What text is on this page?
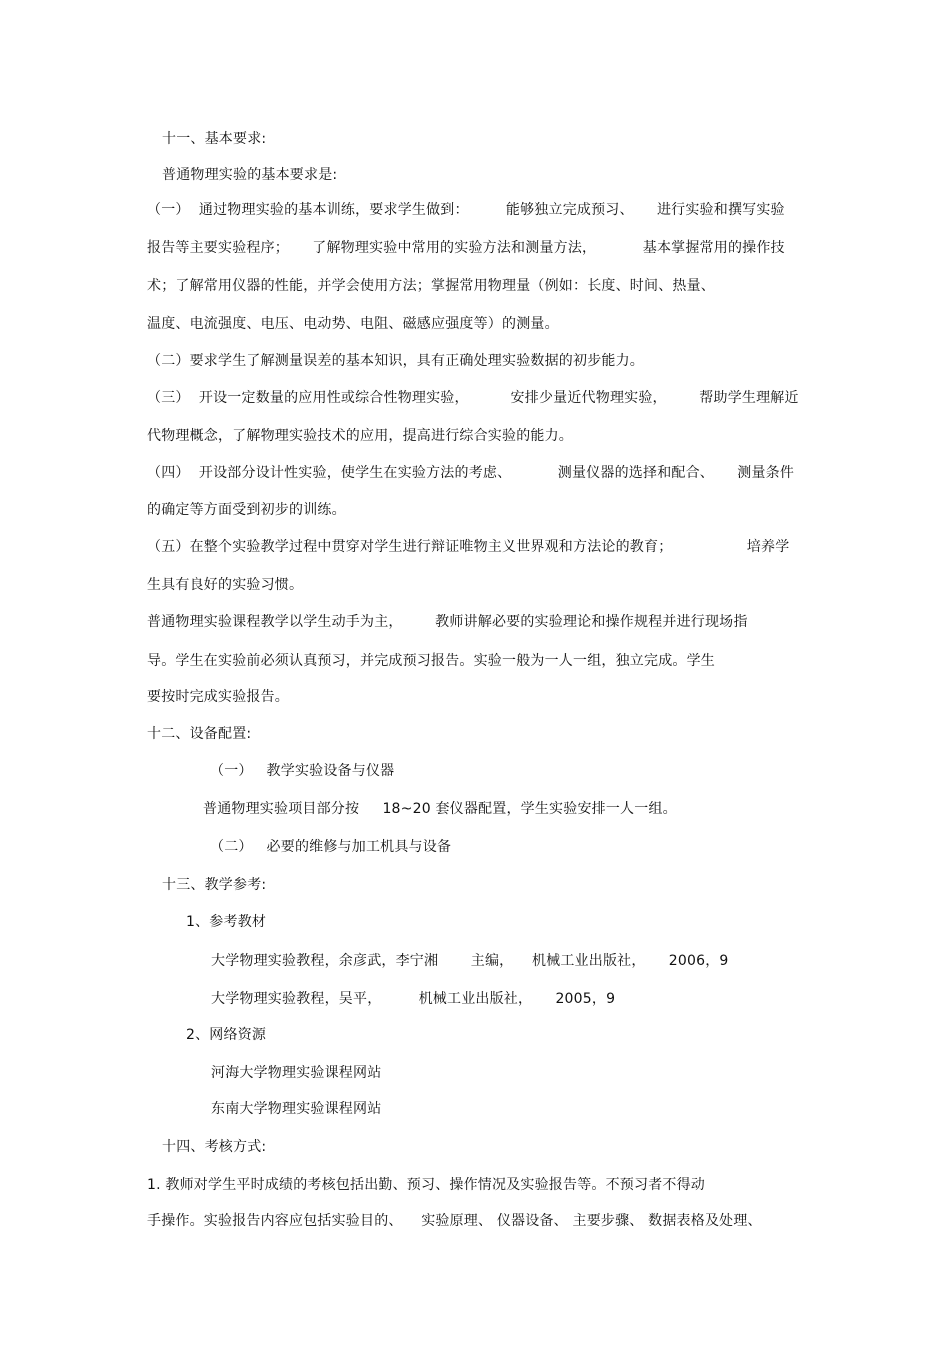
十一、基本要求:
普通物理实验的基本要求是:
（一）  通过物理实验的基本训练，要求学生做到：        能够独立完成预习、     进行实验和撰写实验
报告等主要实验程序；     了解物理实验中常用的实验方法和测量方法，          基本掌握常用的操作技
术；了解常用仪器的性能，并学会使用方法；掌握常用物理量（例如：长度、时间、热量、
温度、电流强度、电压、电动势、电阻、磁感应强度等）的测量。
（二）要求学生了解测量误差的基本知识，具有正确处理实验数据的初步能力。
（三）  开设一定数量的应用性或综合性物理实验，         安排少量近代物理实验，       帮助学生理解近
代物理概念，了解物理实验技术的应用，提高进行综合实验的能力。
（四）  开设部分设计性实验，使学生在实验方法的考虑、          测量仪器的选择和配合、     测量条件
的确定等方面受到初步的训练。
（五）在整个实验教学过程中贯穿对学生进行辩证唯物主义世界观和方法论的教育；                培养学
生具有良好的实验习惯。
普通物理实验课程教学以学生动手为主，       教师讲解必要的实验理论和操作规程并进行现场指
导。学生在实验前必须认真预习，并完成预习报告。实验一般为一人一组，独立完成。学生
要按时完成实验报告。
十二、设备配置:
（一）   教学实验设备与仪器
普通物理实验项目部分按     18~20 套仪器配置，学生实验安排一人一组。
（二）   必要的维修与加工机具与设备
十三、教学参考:
1、参考教材
大学物理实验教程，余彦武，李宁湘       主编，    机械工业出版社，     2006，9
大学物理实验教程，吴平，        机械工业出版社，     2005，9
2、网络资源
河海大学物理实验课程网站
东南大学物理实验课程网站
十四、考核方式:
1. 教师对学生平时成绩的考核包括出勤、预习、操作情况及实验报告等。不预习者不得动
手操作。实验报告内容应包括实验目的、    实验原理、 仪器设备、 主要步骤、 数据表格及处理、
